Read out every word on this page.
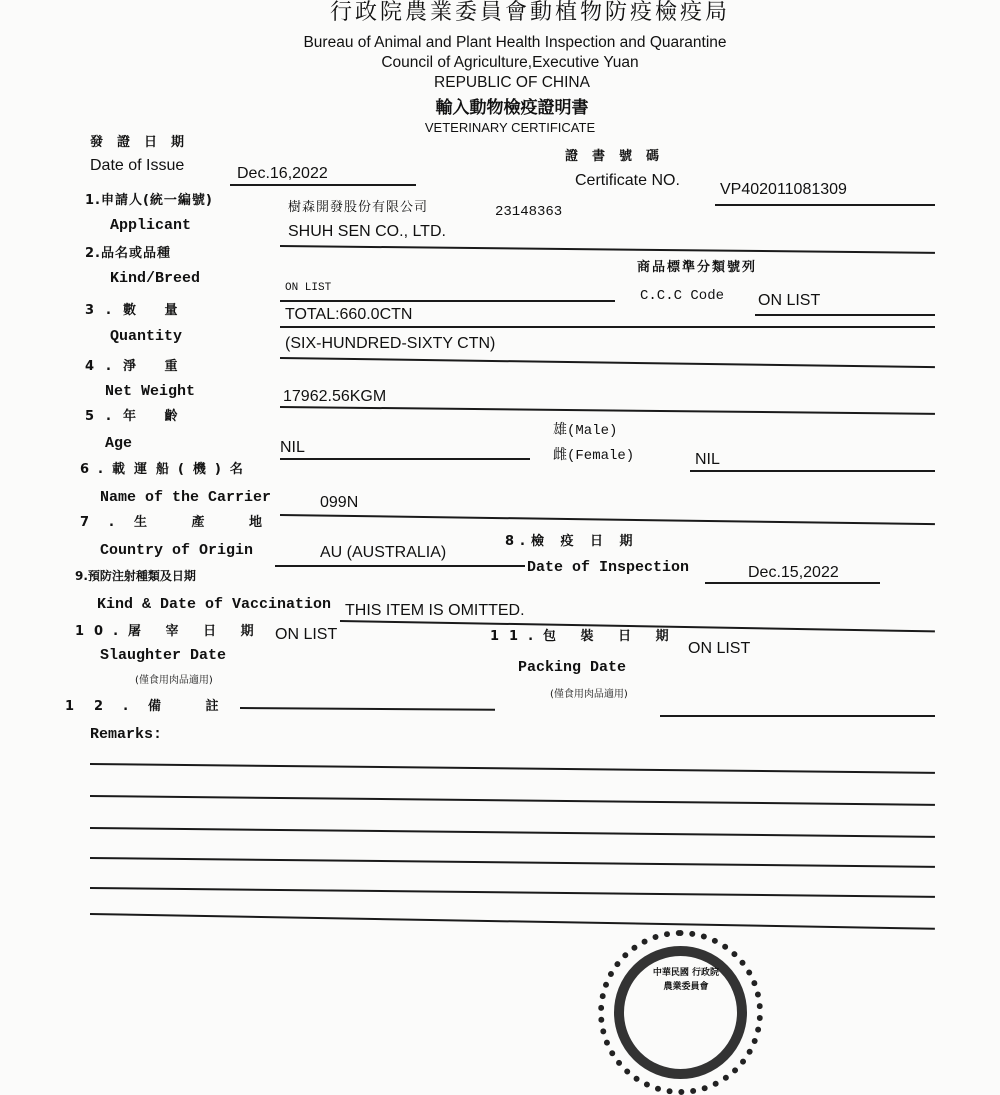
行政院農業委員會動植物防疫檢疫局
Bureau of Animal and Plant Health Inspection and Quarantine
Council of Agriculture,Executive Yuan
REPUBLIC OF CHINA
輸入動物檢疫證明書
VETERINARY CERTIFICATE
發證日期
Date of Issue	Dec.16,2022
證書號碼
Certificate NO.
VP402011081309
1.申請人(統一編號)
Applicant
樹森開發股份有限公司	23148363
SHUH SEN CO., LTD.
2.品名或品種
Kind/Breed
商品標準分類號列
ON LIST	C.C.C Code ON LIST
3.數 量
Quantity
TOTAL:660.0CTN
(SIX-HUNDRED-SIXTY CTN)
4.淨 重
Net Weight	17962.56KGM
5.年 齡
Age	NIL
雄(Male)
雌(Female)	NIL
6.載運船(機)名
Name of the Carrier	099N
7.生 產 地
Country of Origin	AU (AUSTRALIA)
8.檢 疫 日 期
Date of Inspection	Dec.15,2022
9.預防注射種類及日期
Kind & Date of Vaccination THIS ITEM IS OMITTED.
10.屠 宰 日 期 ON LIST
Slaughter Date
(僅食用肉品適用)
11.包 裝 日 期
ON LIST
Packing Date
(僅食用肉品適用)
12.備 註
Remarks:
中華民國 行政院農業委員會
